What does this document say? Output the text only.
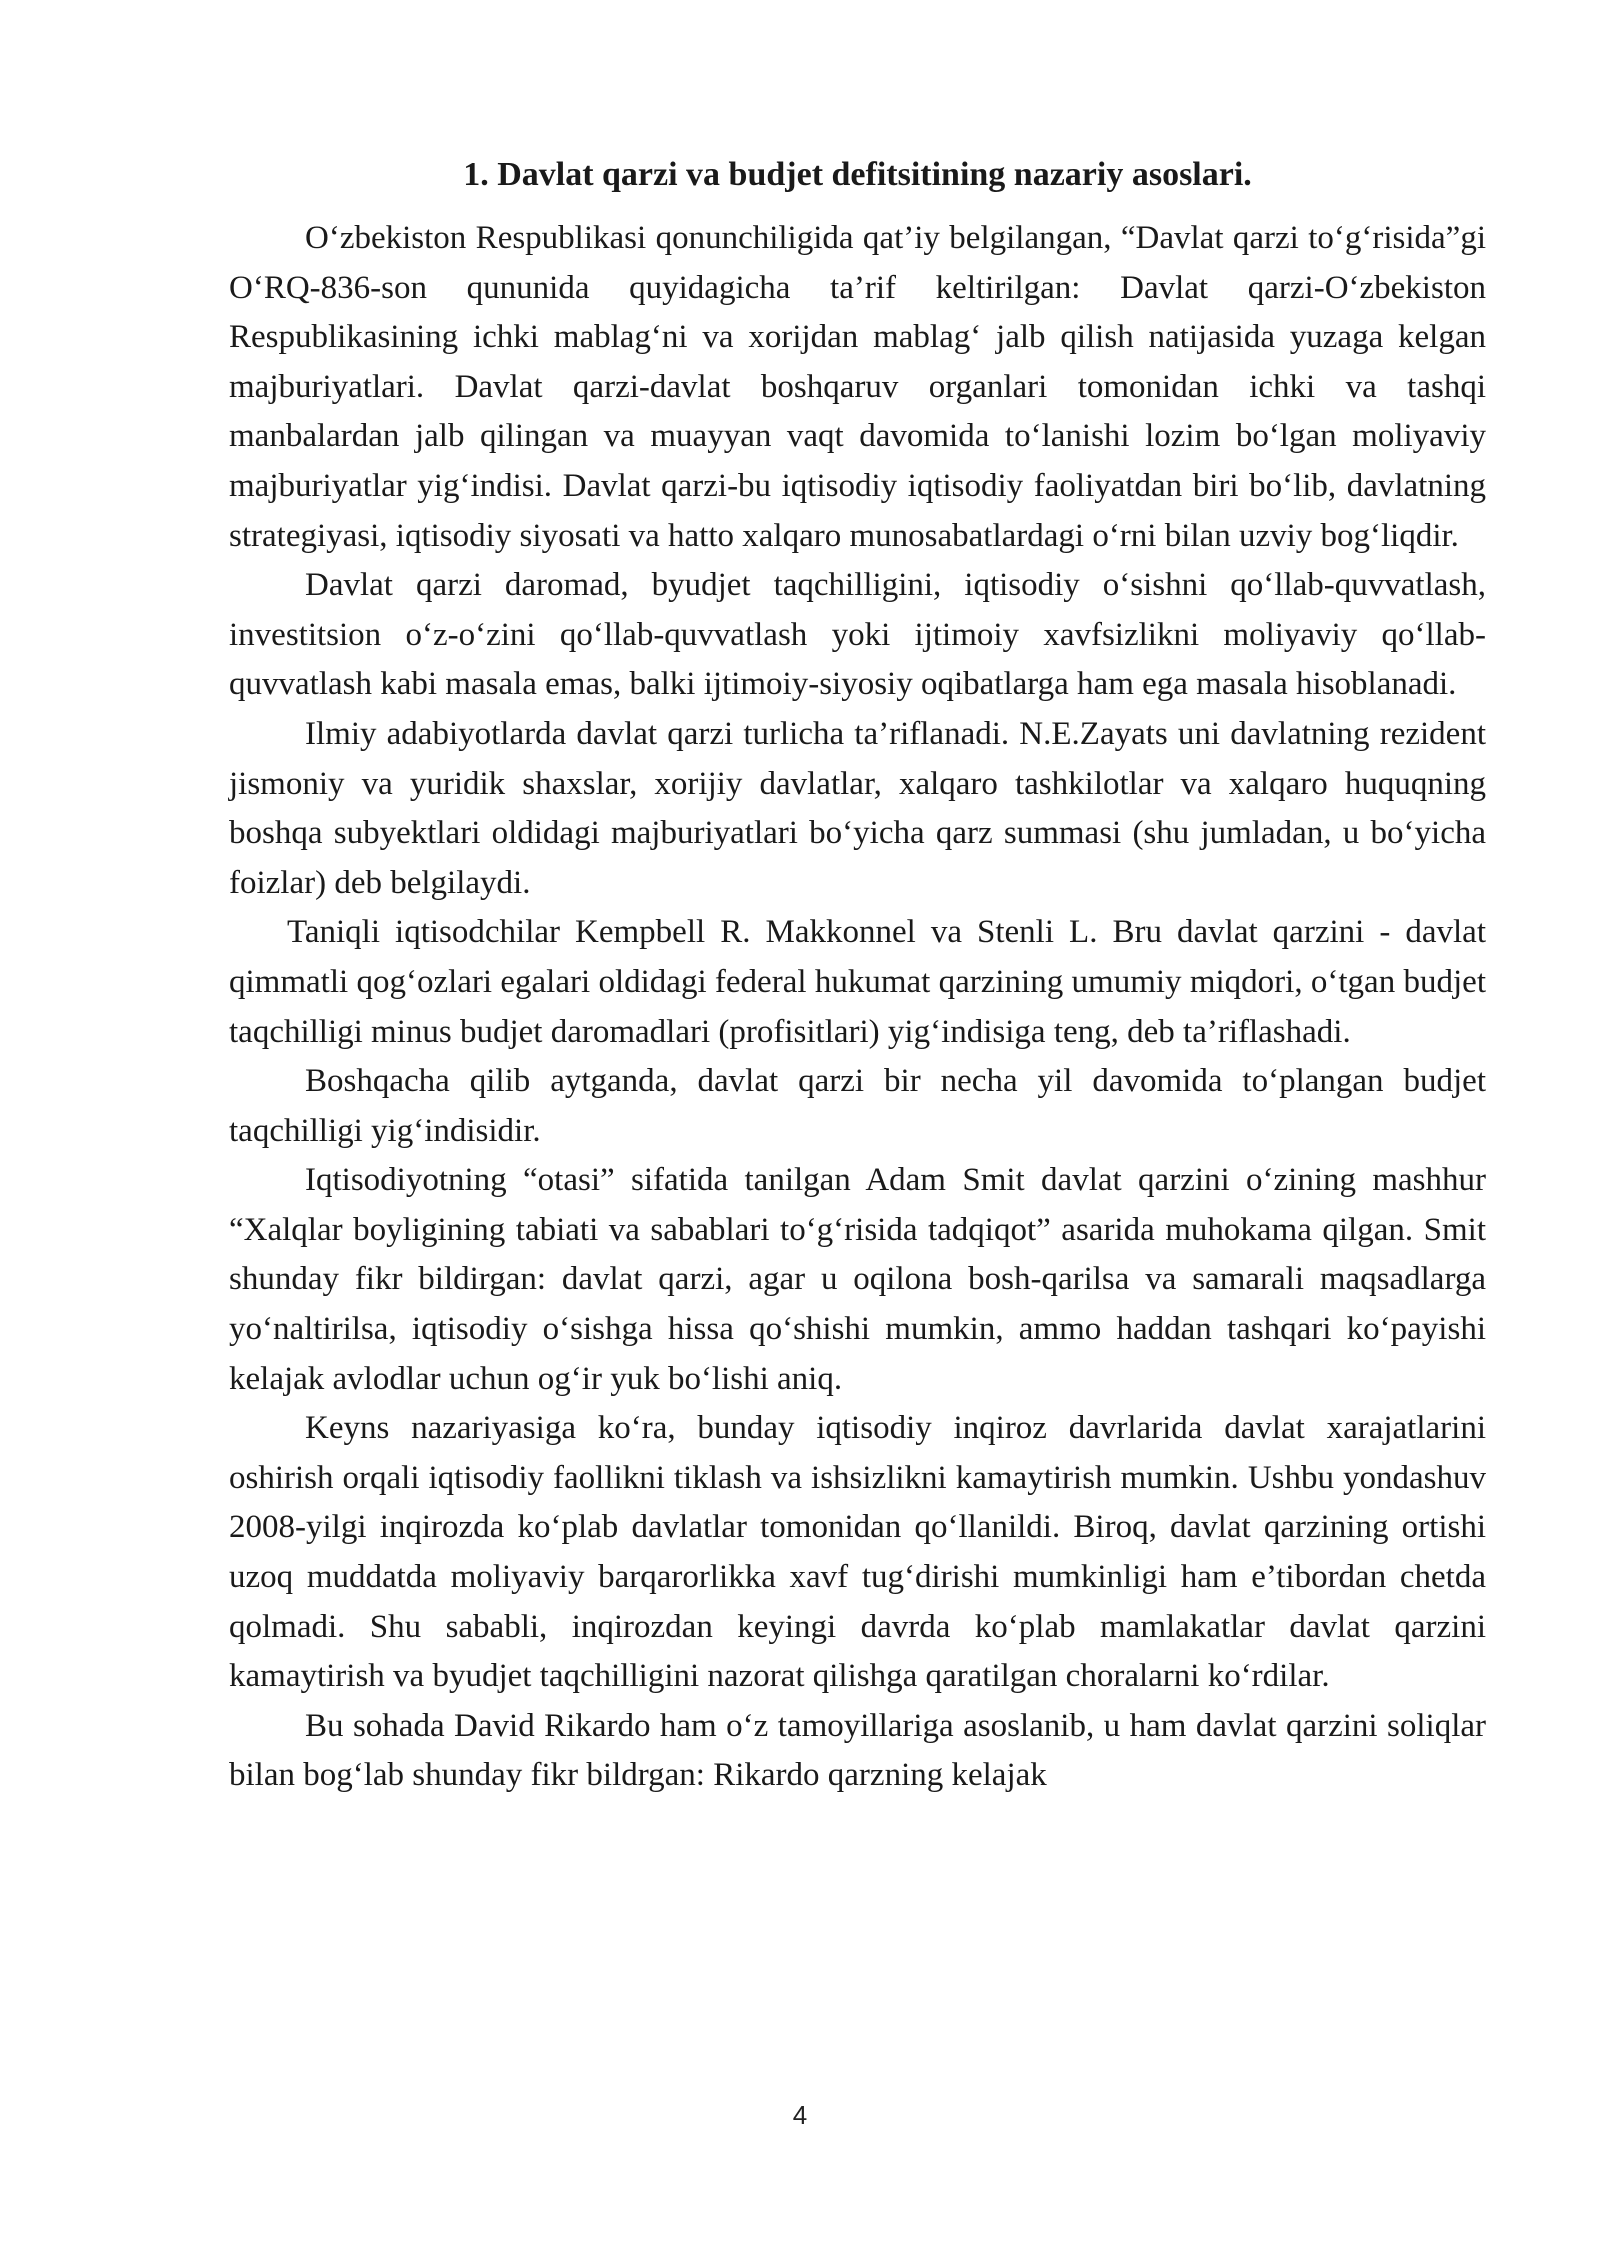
1. Davlat qarzi va budjet defitsitining nazariy asoslari.

O‘zbekiston Respublikasi qonunchiligida qat’iy belgilangan, “Davlat qarzi to‘g‘risida”gi O‘RQ-836-son qununida quyidagicha ta’rif keltirilgan: Davlat qarzi-O‘zbekiston Respublikasining ichki mablag‘ni va xorijdan mablag‘ jalb qilish natijasida yuzaga kelgan majburiyatlari. Davlat qarzi-davlat boshqaruv organlari tomonidan ichki va tashqi manbalardan jalb qilingan va muayyan vaqt davomida to‘lanishi lozim bo‘lgan moliyaviy majburiyatlar yig‘indisi. Davlat qarzi-bu iqtisodiy iqtisodiy faoliyatdan biri bo‘lib, davlatning strategiyasi, iqtisodiy siyosati va hatto xalqaro munosabatlardagi o‘rni bilan uzviy bog‘liqdir.

Davlat qarzi daromad, byudjet taqchilligini, iqtisodiy o‘sishni qo‘llab-quvvatlash, investitsion o‘z-o‘zini qo‘llab-quvvatlash yoki ijtimoiy xavfsizlikni moliyaviy qo‘llab-quvvatlash kabi masala emas, balki ijtimoiy-siyosiy oqibatlarga ham ega masala hisoblanadi.

Ilmiy adabiyotlarda davlat qarzi turlicha ta’riflanadi. N.E.Zayats uni davlatning rezident jismoniy va yuridik shaxslar, xorijiy davlatlar, xalqaro tashkilotlar va xalqaro huquqning boshqa subyektlari oldidagi majburiyatlari bo‘yicha qarz summasi (shu jumladan, u bo‘yicha foizlar) deb belgilaydi.

Taniqli iqtisodchilar Kempbell R. Makkonnel va Stenli L. Bru davlat qarzini - davlat qimmatli qog‘ozlari egalari oldidagi federal hukumat qarzining umumiy miqdori, o‘tgan budjet taqchilligi minus budjet daromadlari (profisitlari) yig‘indisiga teng, deb ta’riflashadi.

Boshqacha qilib aytganda, davlat qarzi bir necha yil davomida to‘plangan budjet taqchilligi yig‘indisidir.

Iqtisodiyotning “otasi” sifatida tanilgan Adam Smit davlat qarzini o‘zining mashhur “Xalqlar boyligining tabiati va sabablari to‘g‘risida tadqiqot” asarida muhokama qilgan. Smit shunday fikr bildirgan: davlat qarzi, agar u oqilona bosh-qarilsa va samarali maqsadlarga yo‘naltirilsa, iqtisodiy o‘sishga hissa qo‘shishi mumkin, ammo haddan tashqari ko‘payishi kelajak avlodlar uchun og‘ir yuk bo‘lishi aniq.

Keyns nazariyasiga ko‘ra, bunday iqtisodiy inqiroz davrlarida davlat xarajatlarini oshirish orqali iqtisodiy faollikni tiklash va ishsizlikni kamaytirish mumkin. Ushbu yondashuv 2008-yilgi inqirozda ko‘plab davlatlar tomonidan qo‘llanildi. Biroq, davlat qarzining ortishi uzoq muddatda moliyaviy barqarorlikka xavf tug‘dirishi mumkinligi ham e’tibordan chetda qolmadi. Shu sababli, inqirozdan keyingi davrda ko‘plab mamlakatlar davlat qarzini kamaytirish va byudjet taqchilligini nazorat qilishga qaratilgan choralarni ko‘rdilar.

Bu sohada David Rikardo ham o‘z tamoyillariga asoslanib, u ham davlat qarzini soliqlar bilan bog‘lab shunday fikr bildrgan: Rikardo qarzning kelajak

4
